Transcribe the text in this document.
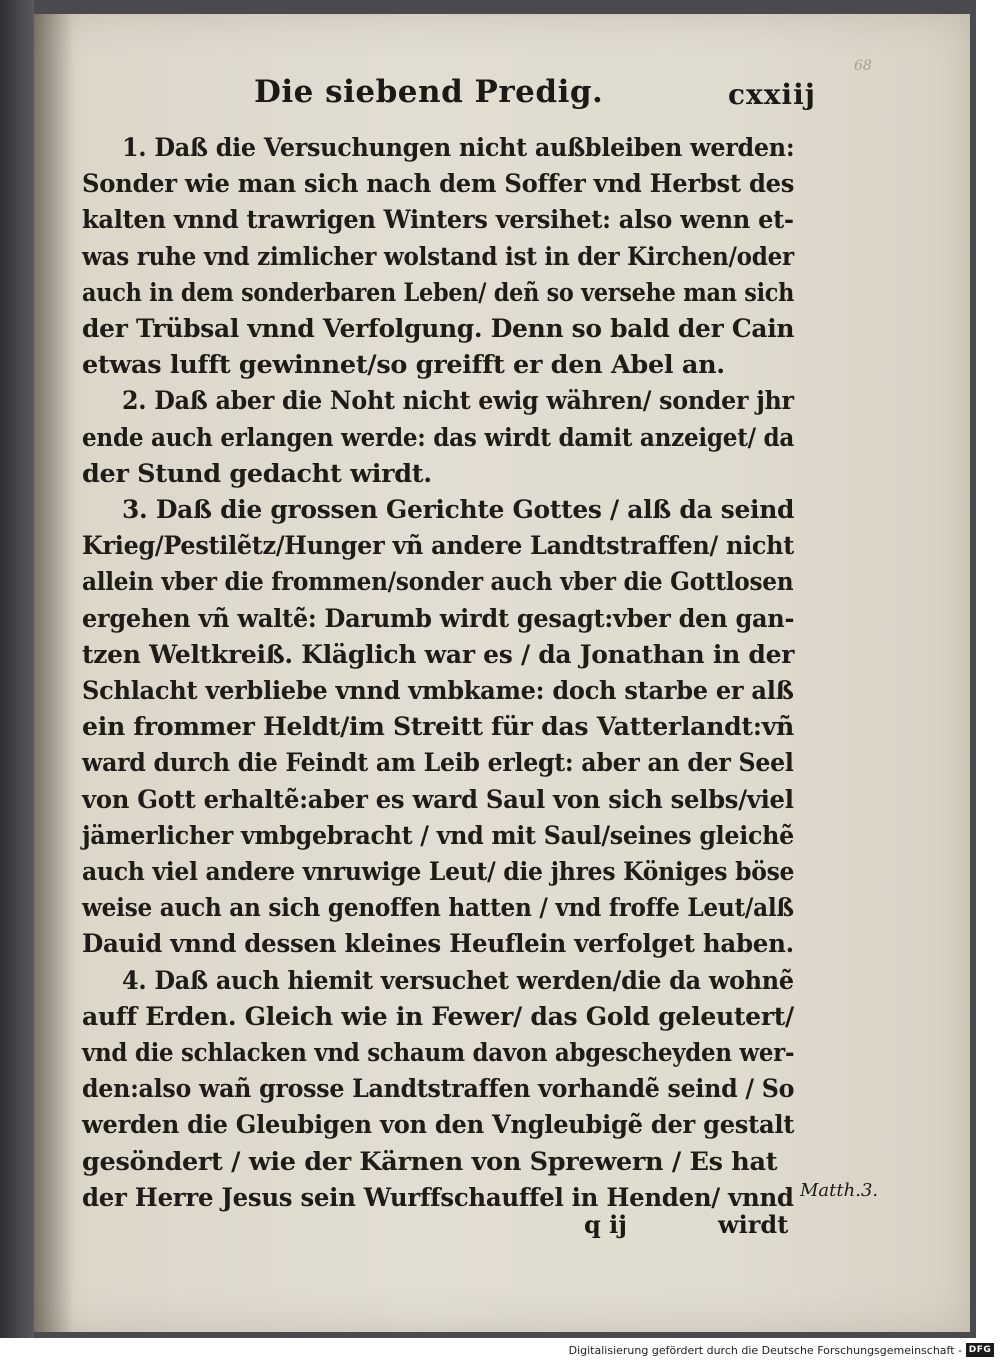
Die siebend Predig.	cxxiij
68
1. Daß die Versuchungen nicht außbleiben werden:
Sonder wie man sich nach dem Soffer vnd Herbst des
kalten vnnd trawrigen Winters versihet: also wenn et-
was ruhe vnd zimlicher wolstand ist in der Kirchen/oder
auch in dem sonderbaren Leben/ deñ so versehe man sich
der Trübsal vnnd Verfolgung. Denn so bald der Cain
etwas lufft gewinnet/so greifft er den Abel an.
2. Daß aber die Noht nicht ewig währen/ sonder jhr
ende auch erlangen werde: das wirdt damit anzeiget/ da
der Stund gedacht wirdt.
3. Daß die grossen Gerichte Gottes / alß da seind
Krieg/Pestilẽtz/Hunger vñ andere Landtstraffen/ nicht
allein vber die frommen/sonder auch vber die Gottlosen
ergehen vñ waltẽ: Darumb wirdt gesagt:vber den gan-
tzen Weltkreiß. Kläglich war es / da Jonathan in der
Schlacht verbliebe vnnd vmbkame: doch starbe er alß
ein frommer Heldt/im Streitt für das Vatterlandt:vñ
ward durch die Feindt am Leib erlegt: aber an der Seel
von Gott erhaltẽ:aber es ward Saul von sich selbs/viel
jämerlicher vmbgebracht / vnd mit Saul/seines gleichẽ
auch viel andere vnruwige Leut/ die jhres Königes böse
weise auch an sich genoffen hatten / vnd froffe Leut/alß
Dauid vnnd dessen kleines Heuflein verfolget haben.
4. Daß auch hiemit versuchet werden/die da wohnẽ
auff Erden. Gleich wie in Fewer/ das Gold geleutert/
vnd die schlacken vnd schaum davon abgescheyden wer-
den:also wañ grosse Landtstraffen vorhandẽ seind / So
werden die Gleubigen von den Vngleubigẽ der gestalt
gesöndert / wie der Kärnen von Sprewern / Es hat
der Herre Jesus sein Wurffschauffel in Henden/ vnnd Matth.3.
q ij	wirdt
Digitalisierung gefördert durch die Deutsche Forschungsgemeinschaft - DFG
